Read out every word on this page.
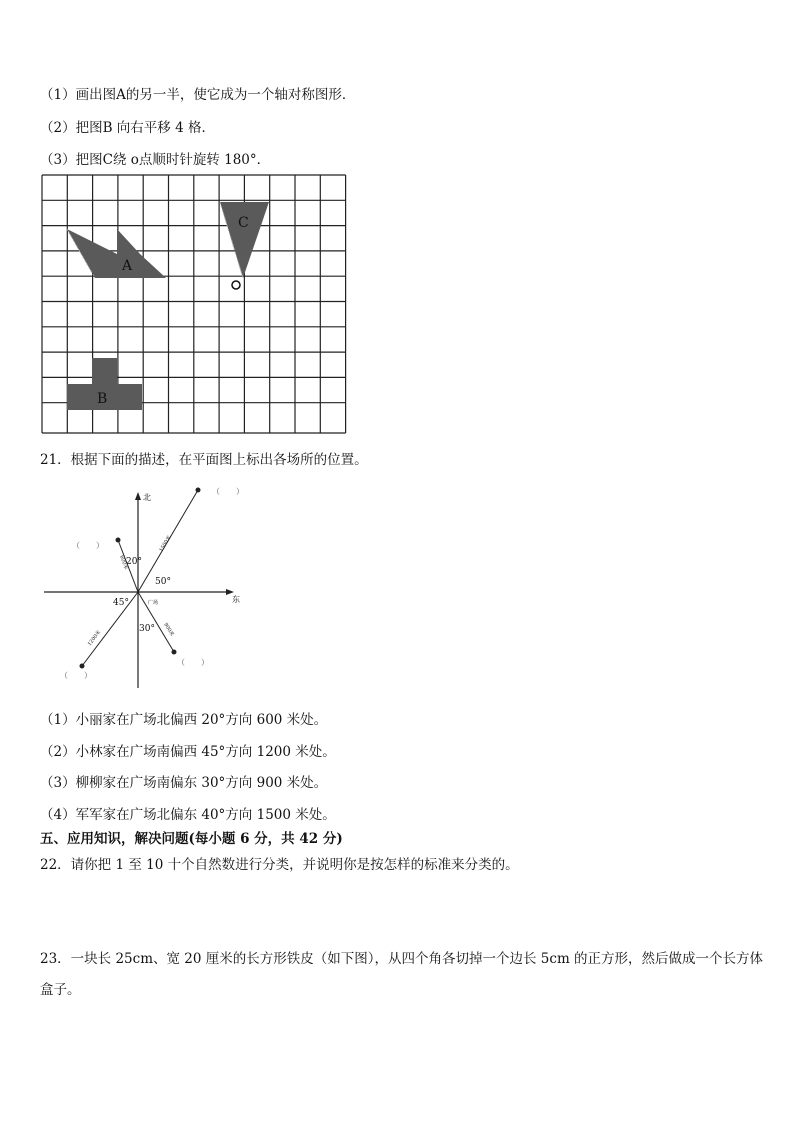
（1）画出图A的另一半，使它成为一个轴对称图形．
（2）把图B 向右平移 4 格．
（3）把图C绕 o点顺时针旋转 180°．
A
C
B
21．根据下面的描述，在平面图上标出各场所的位置。
北
东
20°
50°
45°
30°
广场
600米
1500米
1200米	900米
（　　）
（　　）
（　　）
（　　）
（1）小丽家在广场北偏西 20°方向 600 米处。
（2）小林家在广场南偏西 45°方向 1200 米处。
（3）柳柳家在广场南偏东 30°方向 900 米处。
（4）军军家在广场北偏东 40°方向 1500 米处。
五、应用知识，解决问题(每小题 6 分，共 42 分)
22．请你把 1 至 10 十个自然数进行分类，并说明你是按怎样的标准来分类的。
23．一块长 25cm、宽 20 厘米的长方形铁皮（如下图），从四个角各切掉一个边长 5cm 的正方形，然后做成一个长方体
盒子。
